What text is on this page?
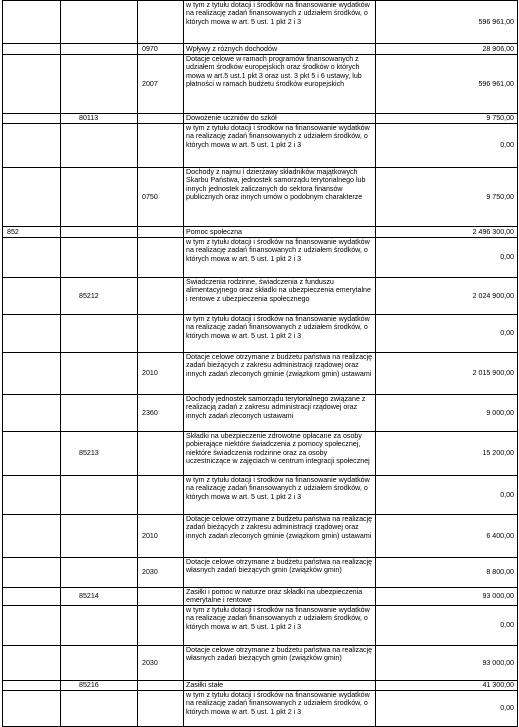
			w tym z tytułu dotacji i środków na finansowanie wydatków na realizację zadań finansowanych z udziałem środków, o których mowa w art. 5 ust. 1 pkt 2 i 3	596 961,00
		0970	Wpływy z różnych dochodów	28 906,00
		2007	Dotacje celowe w ramach programów finansowanych z udziałem środków europejskich oraz środków o których mowa w art.5 ust.1 pkt 3 oraz ust. 3 pkt 5 i 6 ustawy, lub płatności w ramach budżetu środków europejskich	596 961,00
	80113		Dowożenie uczniów do szkół	9 750,00
			w tym z tytułu dotacji i środków na finansowanie wydatków na realizację zadań finansowanych z udziałem środków, o których mowa w art. 5 ust. 1 pkt 2 i 3	0,00
		0750	Dochody z najmu i dzierżawy składników majątkowych Skarbu Państwa, jednostek samorządu terytorialnego lub innych jednostek zaliczanych do sektora finansów publicznych oraz innych umów o podobnym charakterze	9 750,00
852			Pomoc społeczna	2 496 300,00
			w tym z tytułu dotacji i środków na finansowanie wydatków na realizację zadań finansowanych z udziałem środków, o których mowa w art. 5 ust. 1 pkt 2 i 3	0,00
	85212		Świadczenia rodzinne, świadczenia z funduszu alimentacyjnego oraz składki na ubezpieczenia emerytalne i rentowe z ubezpieczenia społecznego	2 024 900,00
			w tym z tytułu dotacji i środków na finansowanie wydatków na realizację zadań finansowanych z udziałem środków, o których mowa w art. 5 ust. 1 pkt 2 i 3	0,00
		2010	Dotacje celowe otrzymane z budżetu państwa na realizację zadań bieżących z zakresu administracji rządowej oraz innych zadań zleconych gminie (związkom gmin) ustawami	2 015 900,00
		2360	Dochody jednostek samorządu terytorialnego związane z realizacją zadań z zakresu administracji rządowej oraz innych zadań zleconych ustawami	9 000,00
	85213		Składki na ubezpieczenie zdrowotne opłacane za osoby pobierające niektóre świadczenia z pomocy społecznej, niektóre świadczenia rodzinne oraz za osoby uczestniczące w zajęciach w centrum integracji społecznej	15 200,00
			w tym z tytułu dotacji i środków na finansowanie wydatków na realizację zadań finansowanych z udziałem środków, o których mowa w art. 5 ust. 1 pkt 2 i 3	0,00
		2010	Dotacje celowe otrzymane z budżetu państwa na realizację zadań bieżących z zakresu administracji rządowej oraz innych zadań zleconych gminie (związkom gmin) ustawami	6 400,00
		2030	Dotacje celowe otrzymane z budżetu państwa na realizację własnych zadań bieżących gmin (związków gmin)	8 800,00
	85214		Zasiłki i pomoc w naturze oraz składki na ubezpieczenia emerytalne i rentowe	93 000,00
			w tym z tytułu dotacji i środków na finansowanie wydatków na realizację zadań finansowanych z udziałem środków, o których mowa w art. 5 ust. 1 pkt 2 i 3	0,00
		2030	Dotacje celowe otrzymane z budżetu państwa na realizację własnych zadań bieżących gmin (związków gmin)	93 000,00
	85216		Zasiłki stałe	41 300,00
			w tym z tytułu dotacji i środków na finansowanie wydatków na realizację zadań finansowanych z udziałem środków, o których mowa w art. 5 ust. 1 pkt 2 i 3	0,00
